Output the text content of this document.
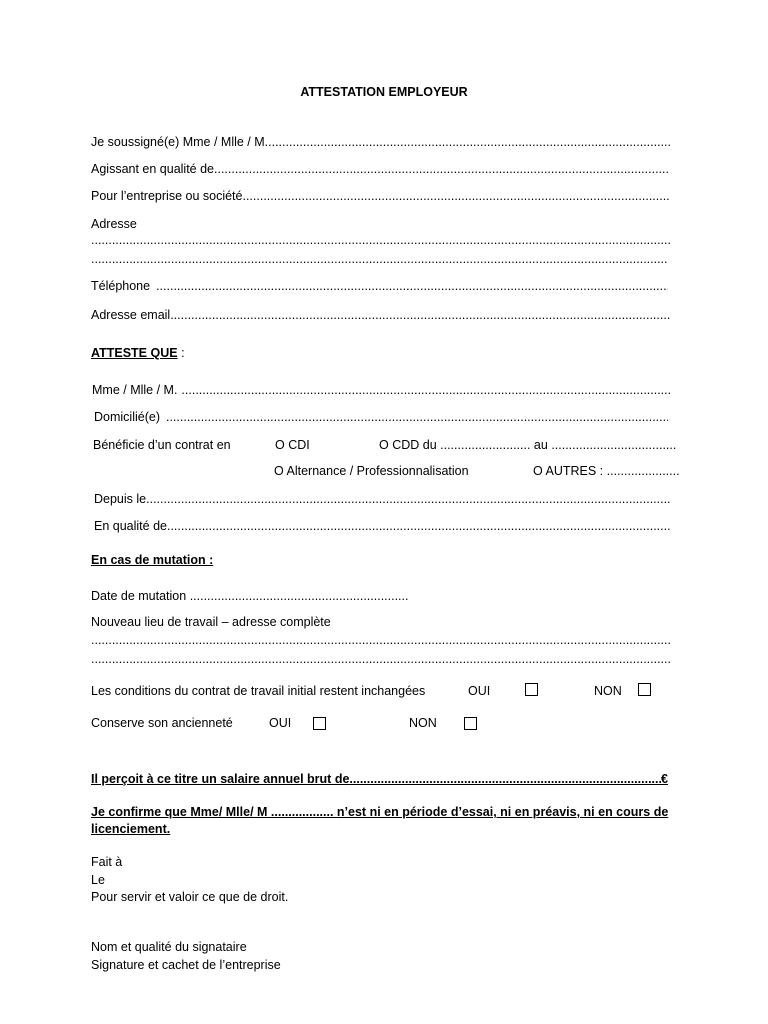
ATTESTATION EMPLOYEUR
Je soussigné(e) Mme / Mlle / M.
.....
Agissant en qualité de
.....
Pour l’entreprise ou société
.....
Adresse
.....
.....
Téléphone
.....
Adresse email
.....
ATTESTE QUE :
Mme / Mlle / M.
.....
Domicilié(e)
.....
Bénéficie d’un contrat en	O CDI	O CDD du .......................... au ....................................
O Alternance / Professionnalisation	O AUTRES : .....................
Depuis le
.....
En qualité de
.....
En cas de mutation :
Date de mutation ...............................................................
Nouveau lieu de travail – adresse complète
.....
.....
Les conditions du contrat de travail initial restent inchangées	OUI	NON
Conserve son ancienneté	OUI	NON
Il perçoit à ce titre un salaire annuel brut de
.....	€
Je confirme que Mme/ Mlle/ M .................. n’est ni en période d’essai, ni en préavis, ni en cours de
licenciement.
Fait à
Le
Pour servir et valoir ce que de droit.
Nom et qualité du signataire
Signature et cachet de l’entreprise
